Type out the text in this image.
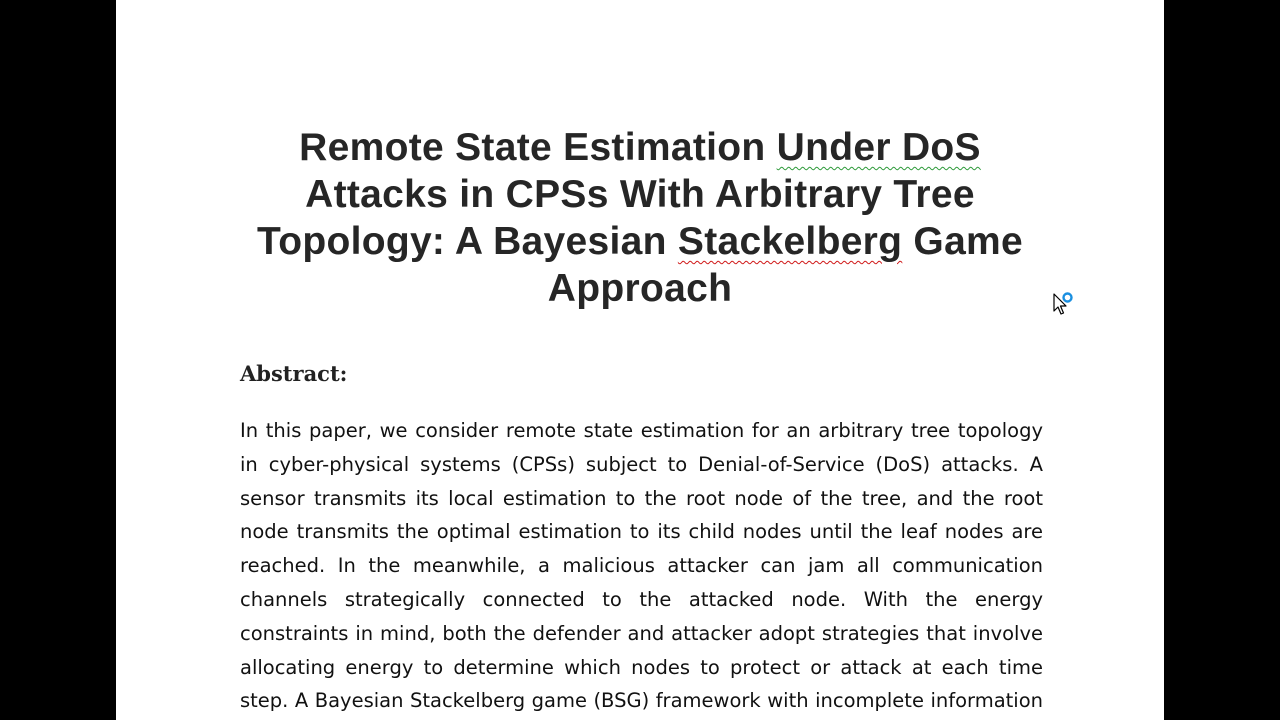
Remote State Estimation Under DoS
Attacks in CPSs With Arbitrary Tree
Topology: A Bayesian Stackelberg Game
Approach
Abstract:
In this paper, we consider remote state estimation for an arbitrary tree topology
in cyber-physical systems (CPSs) subject to Denial-of-Service (DoS) attacks. A
sensor transmits its local estimation to the root node of the tree, and the root
node transmits the optimal estimation to its child nodes until the leaf nodes are
reached. In the meanwhile, a malicious attacker can jam all communication
channels strategically connected to the attacked node. With the energy
constraints in mind, both the defender and attacker adopt strategies that involve
allocating energy to determine which nodes to protect or attack at each time
step. A Bayesian Stackelberg game (BSG) framework with incomplete information
